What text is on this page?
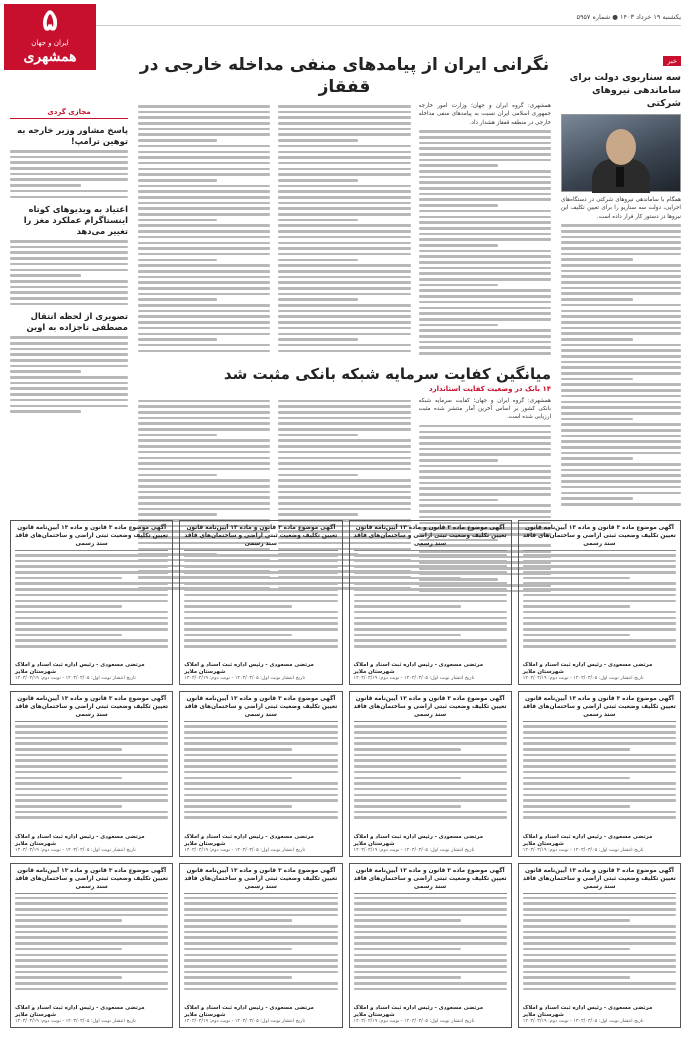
یکشنبه ۱۹ خرداد ۱۴۰۳ ● شماره ۵۹۵۷
۵
ایران و جهان
همشهری	خبر
سه سناریوی دولت برای ساماندهی نیروهای شرکتی
همگام با ساماندهی نیروهای شرکتی در دستگاه‌های اجرایی، دولت سه سناریو را برای تعیین تکلیف این نیروها در دستور کار قرار داده است.
نگرانی ایران از پیامدهای منفی مداخله خارجی در قفقاز
همشهری: گروه ایران و جهان؛ وزارت امور خارجه جمهوری اسلامی ایران نسبت به پیامدهای منفی مداخله خارجی در منطقه قفقاز هشدار داد.
میانگین کفایت سرمایه شبکه بانکی مثبت شد
۱۴ بانک در وضعیت کفایت استاندارد
همشهری: گروه ایران و جهان؛ کفایت سرمایه شبکه بانکی کشور بر اساس آخرین آمار منتشر شده مثبت ارزیابی شده است.
مجازی گردی
پاسخ مشاور وزیر خارجه به توهین ترامپ!
اعتیاد به ویدیوهای کوتاه اینستاگرام عملکرد مغز را تغییر می‌دهد
تصویری از لحظه انتقال مصطفی تاجزاده به اوین
آگهی موضوع ماده ۳ قانون و ماده ۱۳ آیین‌نامه قانون تعیین تکلیف وضعیت ثبتی اراضی و ساختمان‌های فاقد سند رسمی
مرتضی مسعودی - رئیس اداره ثبت اسناد و املاک شهرستان ملایر
تاریخ انتشار نوبت اول: ۱۴۰۳/۰۳/۰۵ - نوبت دوم: ۱۴۰۳/۰۳/۱۹
آگهی موضوع ماده ۳ قانون و ماده ۱۳ آیین‌نامه قانون تعیین تکلیف وضعیت ثبتی اراضی و ساختمان‌های فاقد سند رسمی
مرتضی مسعودی - رئیس اداره ثبت اسناد و املاک شهرستان ملایر
تاریخ انتشار نوبت اول: ۱۴۰۳/۰۳/۰۵ - نوبت دوم: ۱۴۰۳/۰۳/۱۹
آگهی موضوع ماده ۳ قانون و ماده ۱۳ آیین‌نامه قانون تعیین تکلیف وضعیت ثبتی اراضی و ساختمان‌های فاقد سند رسمی
مرتضی مسعودی - رئیس اداره ثبت اسناد و املاک شهرستان ملایر
تاریخ انتشار نوبت اول: ۱۴۰۳/۰۳/۰۵ - نوبت دوم: ۱۴۰۳/۰۳/۱۹
آگهی موضوع ماده ۳ قانون و ماده ۱۳ آیین‌نامه قانون تعیین تکلیف وضعیت ثبتی اراضی و ساختمان‌های فاقد سند رسمی
مرتضی مسعودی - رئیس اداره ثبت اسناد و املاک شهرستان ملایر
تاریخ انتشار نوبت اول: ۱۴۰۳/۰۳/۰۵ - نوبت دوم: ۱۴۰۳/۰۳/۱۹
آگهی موضوع ماده ۳ قانون و ماده ۱۳ آیین‌نامه قانون تعیین تکلیف وضعیت ثبتی اراضی و ساختمان‌های فاقد سند رسمی
مرتضی مسعودی - رئیس اداره ثبت اسناد و املاک شهرستان ملایر
تاریخ انتشار نوبت اول: ۱۴۰۳/۰۳/۰۵ - نوبت دوم: ۱۴۰۳/۰۳/۱۹
آگهی موضوع ماده ۳ قانون و ماده ۱۳ آیین‌نامه قانون تعیین تکلیف وضعیت ثبتی اراضی و ساختمان‌های فاقد سند رسمی
مرتضی مسعودی - رئیس اداره ثبت اسناد و املاک شهرستان ملایر
تاریخ انتشار نوبت اول: ۱۴۰۳/۰۳/۰۵ - نوبت دوم: ۱۴۰۳/۰۳/۱۹
آگهی موضوع ماده ۳ قانون و ماده ۱۳ آیین‌نامه قانون تعیین تکلیف وضعیت ثبتی اراضی و ساختمان‌های فاقد سند رسمی
مرتضی مسعودی - رئیس اداره ثبت اسناد و املاک شهرستان ملایر
تاریخ انتشار نوبت اول: ۱۴۰۳/۰۳/۰۵ - نوبت دوم: ۱۴۰۳/۰۳/۱۹
آگهی موضوع ماده ۳ قانون و ماده ۱۳ آیین‌نامه قانون تعیین تکلیف وضعیت ثبتی اراضی و ساختمان‌های فاقد سند رسمی
مرتضی مسعودی - رئیس اداره ثبت اسناد و املاک شهرستان ملایر
تاریخ انتشار نوبت اول: ۱۴۰۳/۰۳/۰۵ - نوبت دوم: ۱۴۰۳/۰۳/۱۹
آگهی موضوع ماده ۳ قانون و ماده ۱۳ آیین‌نامه قانون تعیین تکلیف وضعیت ثبتی اراضی و ساختمان‌های فاقد سند رسمی
مرتضی مسعودی - رئیس اداره ثبت اسناد و املاک شهرستان ملایر
تاریخ انتشار نوبت اول: ۱۴۰۳/۰۳/۰۵ - نوبت دوم: ۱۴۰۳/۰۳/۱۹
آگهی موضوع ماده ۳ قانون و ماده ۱۳ آیین‌نامه قانون تعیین تکلیف وضعیت ثبتی اراضی و ساختمان‌های فاقد سند رسمی
مرتضی مسعودی - رئیس اداره ثبت اسناد و املاک شهرستان ملایر
تاریخ انتشار نوبت اول: ۱۴۰۳/۰۳/۰۵ - نوبت دوم: ۱۴۰۳/۰۳/۱۹
آگهی موضوع ماده ۳ قانون و ماده ۱۳ آیین‌نامه قانون تعیین تکلیف وضعیت ثبتی اراضی و ساختمان‌های فاقد سند رسمی
مرتضی مسعودی - رئیس اداره ثبت اسناد و املاک شهرستان ملایر
تاریخ انتشار نوبت اول: ۱۴۰۳/۰۳/۰۵ - نوبت دوم: ۱۴۰۳/۰۳/۱۹
آگهی موضوع ماده ۳ قانون و ماده ۱۳ آیین‌نامه قانون تعیین تکلیف وضعیت ثبتی اراضی و ساختمان‌های فاقد سند رسمی
مرتضی مسعودی - رئیس اداره ثبت اسناد و املاک شهرستان ملایر
تاریخ انتشار نوبت اول: ۱۴۰۳/۰۳/۰۵ - نوبت دوم: ۱۴۰۳/۰۳/۱۹
